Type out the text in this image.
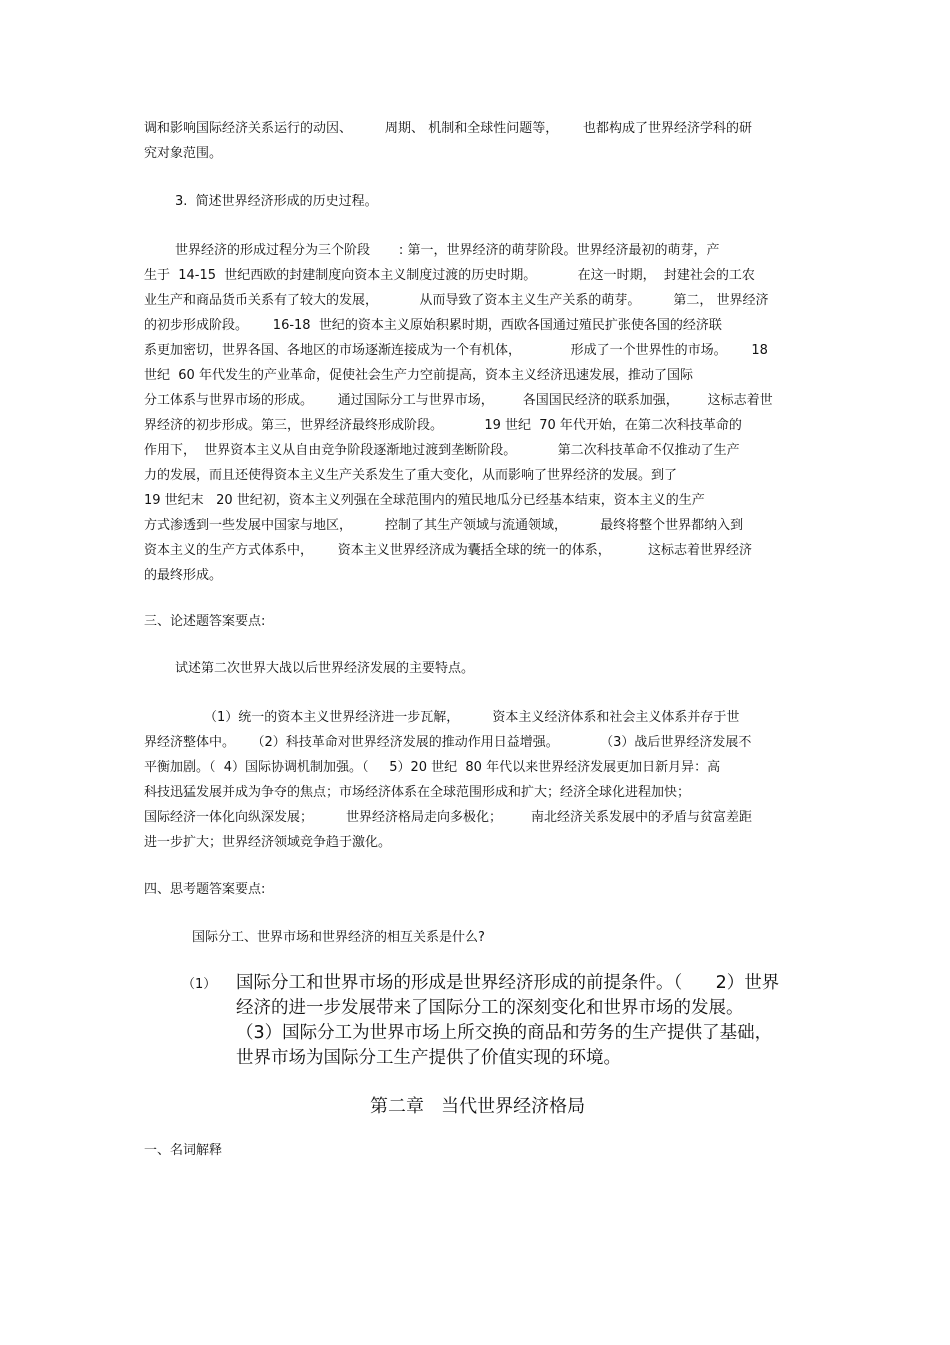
调和影响国际经济关系运行的动因、        周期、 机制和全球性问题等，      也都构成了世界经济学科的研
究对象范围。
3.  简述世界经济形成的历史过程。
世界经济的形成过程分为三个阶段       : 第一，世界经济的萌芽阶段。世界经济最初的萌芽，产
生于  14-15  世纪西欧的封建制度向资本主义制度过渡的历史时期。          在这一时期，  封建社会的工农
业生产和商品货币关系有了较大的发展，          从而导致了资本主义生产关系的萌芽。        第二， 世界经济
的初步形成阶段。      16-18  世纪的资本主义原始积累时期，西欧各国通过殖民扩张使各国的经济联
系更加密切，世界各国、各地区的市场逐渐连接成为一个有机体，            形成了一个世界性的市场。      18
世纪  60 年代发生的产业革命，促使社会生产力空前提高，资本主义经济迅速发展，推动了国际
分工体系与世界市场的形成。      通过国际分工与世界市场，       各国国民经济的联系加强，       这标志着世
界经济的初步形成。第三，世界经济最终形成阶段。          19 世纪  70 年代开始，在第二次科技革命的
作用下，  世界资本主义从自由竞争阶段逐渐地过渡到垄断阶段。          第二次科技革命不仅推动了生产
力的发展，而且还使得资本主义生产关系发生了重大变化，从而影响了世界经济的发展。到了
19 世纪末   20 世纪初，资本主义列强在全球范围内的殖民地瓜分已经基本结束，资本主义的生产
方式渗透到一些发展中国家与地区，        控制了其生产领域与流通领域，        最终将整个世界都纳入到
资本主义的生产方式体系中，      资本主义世界经济成为囊括全球的统一的体系，         这标志着世界经济
的最终形成。
三、论述题答案要点:
试述第二次世界大战以后世界经济发展的主要特点。
（1）统一的资本主义世界经济进一步瓦解，        资本主义经济体系和社会主义体系并存于世
界经济整体中。    （2）科技革命对世界经济发展的推动作用日益增强。          （3）战后世界经济发展不
平衡加剧。（  4）国际协调机制加强。（     5）20 世纪  80 年代以来世界经济发展更加日新月异：高
科技迅猛发展并成为争夺的焦点；市场经济体系在全球范围形成和扩大；经济全球化进程加快；
国际经济一体化向纵深发展；        世界经济格局走向多极化；       南北经济关系发展中的矛盾与贫富差距
进一步扩大；世界经济领域竞争趋于激化。
四、思考题答案要点:
国际分工、世界市场和世界经济的相互关系是什么?
（1） 国际分工和世界市场的形成是世界经济形成的前提条件。（      2）世界
经济的进一步发展带来了国际分工的深刻变化和世界市场的发展。
（3）国际分工为世界市场上所交换的商品和劳务的生产提供了基础，
世界市场为国际分工生产提供了价值实现的环境。
第二章   当代世界经济格局
一、名词解释
